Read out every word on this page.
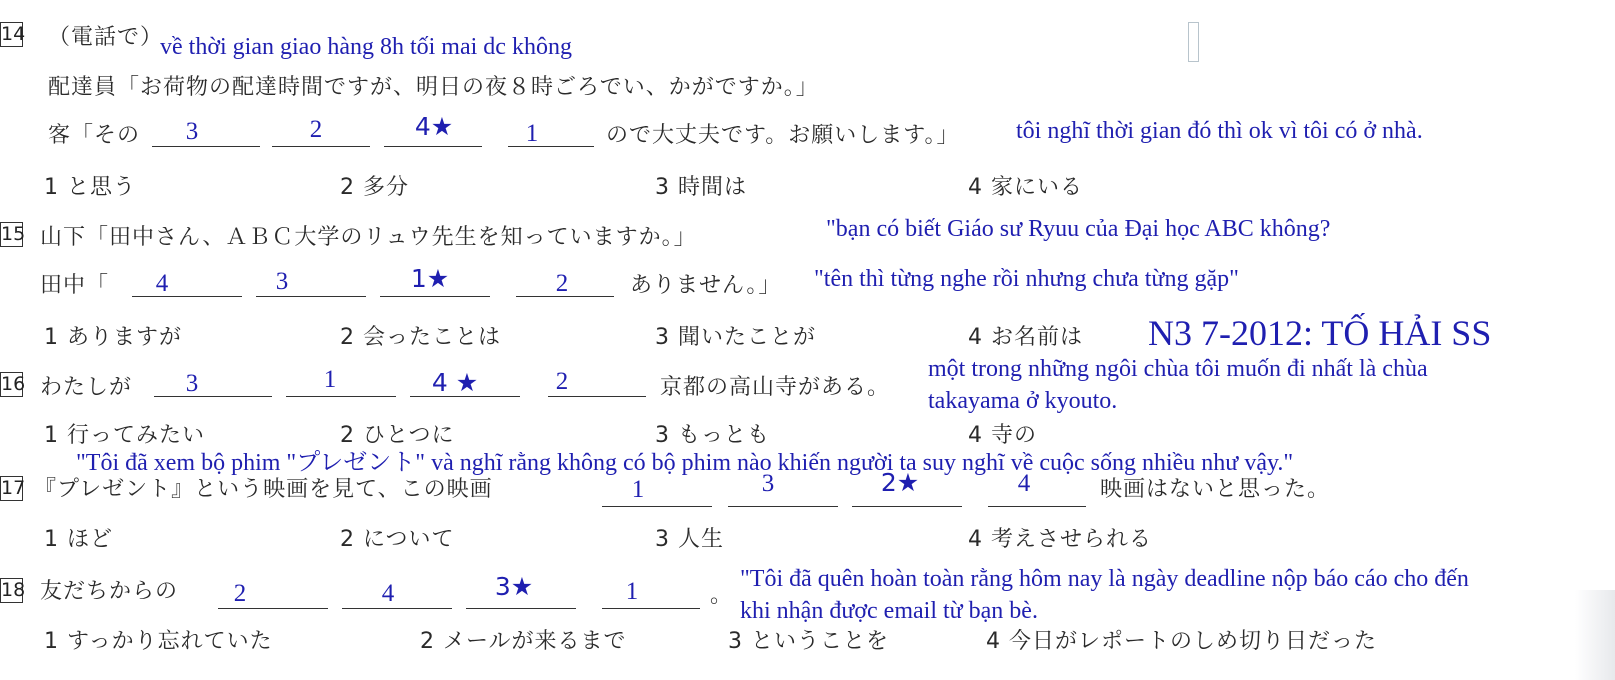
14 （電話で）
về thời gian giao hàng 8h tối mai dc không
配達員「お荷物の配達時間ですが、明日の夜８時ごろでい、かがですか。」
客「その	3	2	4★	1	ので大丈夫です。お願いします。」 tôi nghĩ thời gian đó thì ok vì tôi có ở nhà.
1 と思う	2 多分	3 時間は	4 家にいる
15 山下「田中さん、ＡＢＣ大学のリュウ先生を知っていますか。」	"bạn có biết Giáo sư Ryuu của Đại học ABC không?
田中「	4	3	1★	2	ありません。」 "tên thì từng nghe rồi nhưng chưa từng gặp"
1 ありますが	2 会ったことは	3 聞いたことが	4 お名前は N3 7-2012: TỐ HẢI SS
16 わたしが	3	1	4 ★	2	京都の高山寺がある。
một trong những ngôi chùa tôi muốn đi nhất là chùa
takayama ở kyouto.
1 行ってみたい	2 ひとつに	3 もっとも	4 寺の
"Tôi đã xem bộ phim "プレゼント" và nghĩ rằng không có bộ phim nào khiến người ta suy nghĩ về cuộc sống nhiều như vậy."
17 『プレゼント』という映画を見て、この映画	1	3	2★	4	映画はないと思った。
1 ほど	2 について	3 人生	4 考えさせられる
18 友だちからの	2	4	3★	1	。
"Tôi đã quên hoàn toàn rằng hôm nay là ngày deadline nộp báo cáo cho đến
khi nhận được email từ bạn bè.
1 すっかり忘れていた	2 メールが来るまで	3 ということを	4 今日がレポートのしめ切り日だった
